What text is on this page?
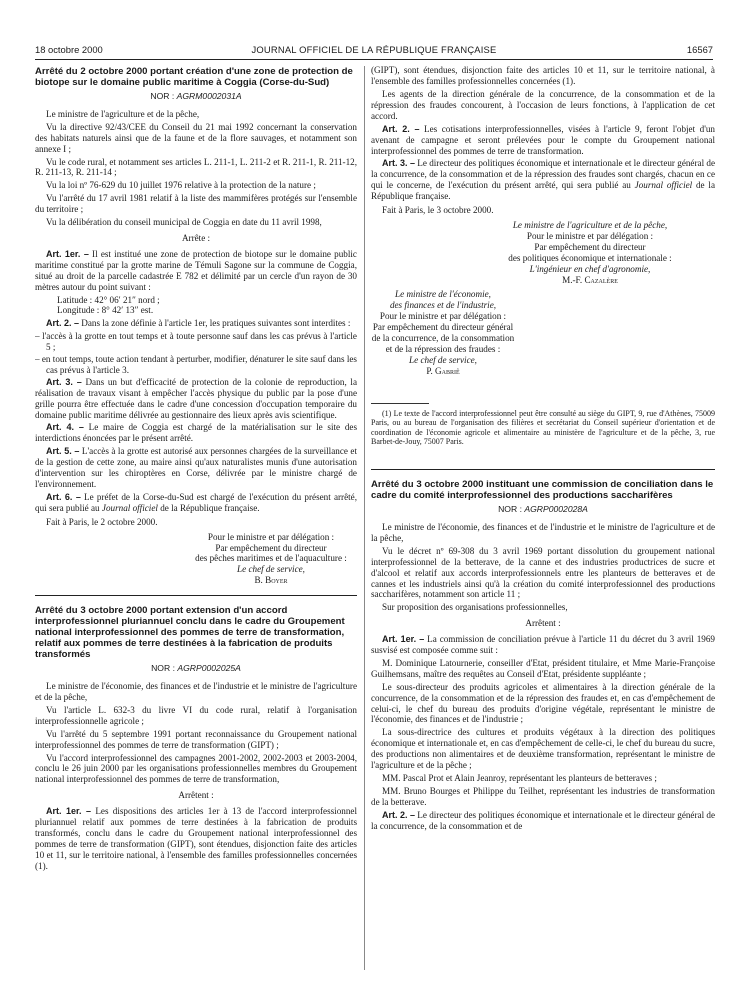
18 octobre 2000	JOURNAL OFFICIEL DE LA RÉPUBLIQUE FRANÇAISE	16567

Arrêté du 2 octobre 2000 portant création d'une zone de protection de biotope sur le domaine public maritime à Coggia (Corse-du-Sud)

NOR : AGRM0002031A

Le ministre de l'agriculture et de la pêche,

Vu la directive 92/43/CEE du Conseil du 21 mai 1992 concernant la conservation des habitats naturels ainsi que de la faune et de la flore sauvages, et notamment son annexe I ;

Vu le code rural, et notamment ses articles L. 211-1, L. 211-2 et R. 211-1, R. 211-12, R. 211-13, R. 211-14 ;

Vu la loi nº 76-629 du 10 juillet 1976 relative à la protection de la nature ;

Vu l'arrêté du 17 avril 1981 relatif à la liste des mammifères protégés sur l'ensemble du territoire ;

Vu la délibération du conseil municipal de Coggia en date du 11 avril 1998,

Arrête :

Art. 1er. – Il est institué une zone de protection de biotope sur le domaine public maritime constitué par la grotte marine de Témuli Sagone sur la commune de Coggia, situé au droit de la parcelle cadastrée E 782 et délimité par un cercle d'un rayon de 30 mètres autour du point suivant :

Latitude : 42° 06′ 21″ nord ;

Longitude : 8° 42′ 13″ est.

Art. 2. – Dans la zone définie à l'article 1er, les pratiques suivantes sont interdites :

– l'accès à la grotte en tout temps et à toute personne sauf dans les cas prévus à l'article 5 ;

– en tout temps, toute action tendant à perturber, modifier, dénaturer le site sauf dans les cas prévus à l'article 3.

Art. 3. – Dans un but d'efficacité de protection de la colonie de reproduction, la réalisation de travaux visant à empêcher l'accès physique du public par la pose d'une grille pourra être effectuée dans le cadre d'une concession d'occupation temporaire du domaine public maritime délivrée au gestionnaire des lieux après avis scientifique.

Art. 4. – Le maire de Coggia est chargé de la matérialisation sur le site des interdictions énoncées par le présent arrêté.

Art. 5. – L'accès à la grotte est autorisé aux personnes chargées de la surveillance et de la gestion de cette zone, au maire ainsi qu'aux naturalistes munis d'une autorisation d'intervention sur les chiroptères en Corse, délivrée par le ministre chargé de l'environnement.

Art. 6. – Le préfet de la Corse-du-Sud est chargé de l'exécution du présent arrêté, qui sera publié au Journal officiel de la République française.

Fait à Paris, le 2 octobre 2000.

Pour le ministre et par délégation :

Par empêchement du directeur

des pêches maritimes et de l'aquaculture :

Le chef de service,

B. Boyer

Arrêté du 3 octobre 2000 portant extension d'un accord interprofessionnel pluriannuel conclu dans le cadre du Groupement national interprofessionnel des pommes de terre de transformation, relatif aux pommes de terre destinées à la fabrication de produits transformés

NOR : AGRP0002025A

Le ministre de l'économie, des finances et de l'industrie et le ministre de l'agriculture et de la pêche,

Vu l'article L. 632-3 du livre VI du code rural, relatif à l'organisation interprofessionnelle agricole ;

Vu l'arrêté du 5 septembre 1991 portant reconnaissance du Groupement national interprofessionnel des pommes de terre de transformation (GIPT) ;

Vu l'accord interprofessionnel des campagnes 2001-2002, 2002-2003 et 2003-2004, conclu le 26 juin 2000 par les organisations professionnelles membres du Groupement national interprofessionnel des pommes de terre de transformation,

Arrêtent :

Art. 1er. – Les dispositions des articles 1er à 13 de l'accord interprofessionnel pluriannuel relatif aux pommes de terre destinées à la fabrication de produits transformés, conclu dans le cadre du Groupement national interprofessionnel des pommes de terre de transformation (GIPT), sont étendues, disjonction faite des articles 10 et 11, sur le territoire national, à l'ensemble des familles professionnelles concernées (1).

(GIPT), sont étendues, disjonction faite des articles 10 et 11, sur le territoire national, à l'ensemble des familles professionnelles concernées (1).

Les agents de la direction générale de la concurrence, de la consommation et de la répression des fraudes concourent, à l'occasion de leurs fonctions, à l'application de cet accord.

Art. 2. – Les cotisations interprofessionnelles, visées à l'article 9, feront l'objet d'un avenant de campagne et seront prélevées pour le compte du Groupement national interprofessionnel des pommes de terre de transformation.

Art. 3. – Le directeur des politiques économique et internationale et le directeur général de la concurrence, de la consommation et de la répression des fraudes sont chargés, chacun en ce qui le concerne, de l'exécution du présent arrêté, qui sera publié au Journal officiel de la République française.

Fait à Paris, le 3 octobre 2000.

Le ministre de l'agriculture et de la pêche,

Pour le ministre et par délégation :

Par empêchement du directeur

des politiques économique et internationale :

L'ingénieur en chef d'agronomie,

M.-F. Cazalère

Le ministre de l'économie,

des finances et de l'industrie,

Pour le ministre et par délégation :

Par empêchement du directeur général

de la concurrence, de la consommation

et de la répression des fraudes :

Le chef de service,

P. Gabriê

(1) Le texte de l'accord interprofessionnel peut être consulté au siège du GIPT, 9, rue d'Athènes, 75009 Paris, ou au bureau de l'organisation des filières et secrétariat du Conseil supérieur d'orientation et de coordination de l'économie agricole et alimentaire au ministère de l'agriculture et de la pêche, 3, rue Barbet-de-Jouy, 75007 Paris.

Arrêté du 3 octobre 2000 instituant une commission de conciliation dans le cadre du comité interprofessionnel des productions saccharifères

NOR : AGRP0002028A

Le ministre de l'économie, des finances et de l'industrie et le ministre de l'agriculture et de la pêche,

Vu le décret nº 69-308 du 3 avril 1969 portant dissolution du groupement national interprofessionnel de la betterave, de la canne et des industries productrices de sucre et d'alcool et relatif aux accords interprofessionnels entre les planteurs de betteraves et de cannes et les industriels ainsi qu'à la création du comité interprofessionnel des productions saccharifères, notamment son article 11 ;

Sur proposition des organisations professionnelles,

Arrêtent :

Art. 1er. – La commission de conciliation prévue à l'article 11 du décret du 3 avril 1969 susvisé est composée comme suit :

M. Dominique Latournerie, conseiller d'Etat, président titulaire, et Mme Marie-Françoise Guilhemsans, maître des requêtes au Conseil d'Etat, présidente suppléante ;

Le sous-directeur des produits agricoles et alimentaires à la direction générale de la concurrence, de la consommation et de la répression des fraudes et, en cas d'empêchement de celui-ci, le chef du bureau des produits d'origine végétale, représentant le ministre de l'économie, des finances et de l'industrie ;

La sous-directrice des cultures et produits végétaux à la direction des politiques économique et internationale et, en cas d'empêchement de celle-ci, le chef du bureau du sucre, des productions non alimentaires et de deuxième transformation, représentant le ministre de l'agriculture et de la pêche ;

MM. Pascal Prot et Alain Jeanroy, représentant les planteurs de betteraves ;

MM. Bruno Bourges et Philippe du Teilhet, représentant les industries de transformation de la betterave.

Art. 2. – Le directeur des politiques économique et internationale et le directeur général de la concurrence, de la consommation et de
